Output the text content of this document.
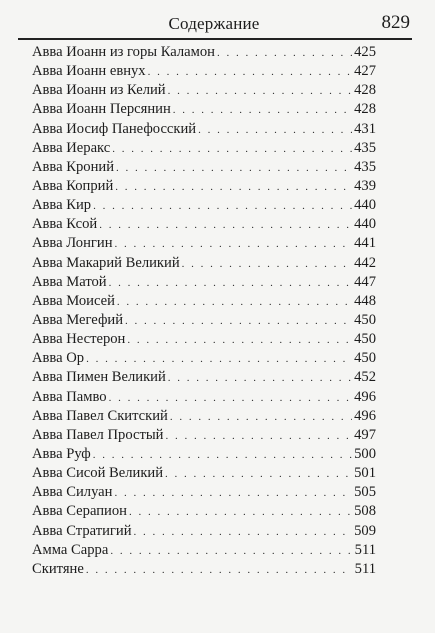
Содержание	829
Авва Иоанн из горы Каламон . . .	425
Авва Иоанн евнух . . .	427
Авва Иоанн из Келий . . .	428
Авва Иоанн Персянин . . .	428
Авва Иосиф Панефосский . . .	431
Авва Иеракс . . .	435
Авва Кроний . . .	435
Авва Коприй . . .	439
Авва Кир . . .	440
Авва Ксой . . .	440
Авва Лонгин . . .	441
Авва Макарий Великий . . .	442
Авва Матой . . .	447
Авва Моисей . . .	448
Авва Мегефий . . .	450
Авва Нестерон . . .	450
Авва Ор . . .	450
Авва Пимен Великий . . .	452
Авва Памво . . .	496
Авва Павел Скитский . . .	496
Авва Павел Простый . . .	497
Авва Руф . . .	500
Авва Сисой Великий . . .	501
Авва Силуан . . .	505
Авва Серапион . . .	508
Авва Стратигий . . .	509
Амма Сарра . . .	511
Скитяне . . .	511
